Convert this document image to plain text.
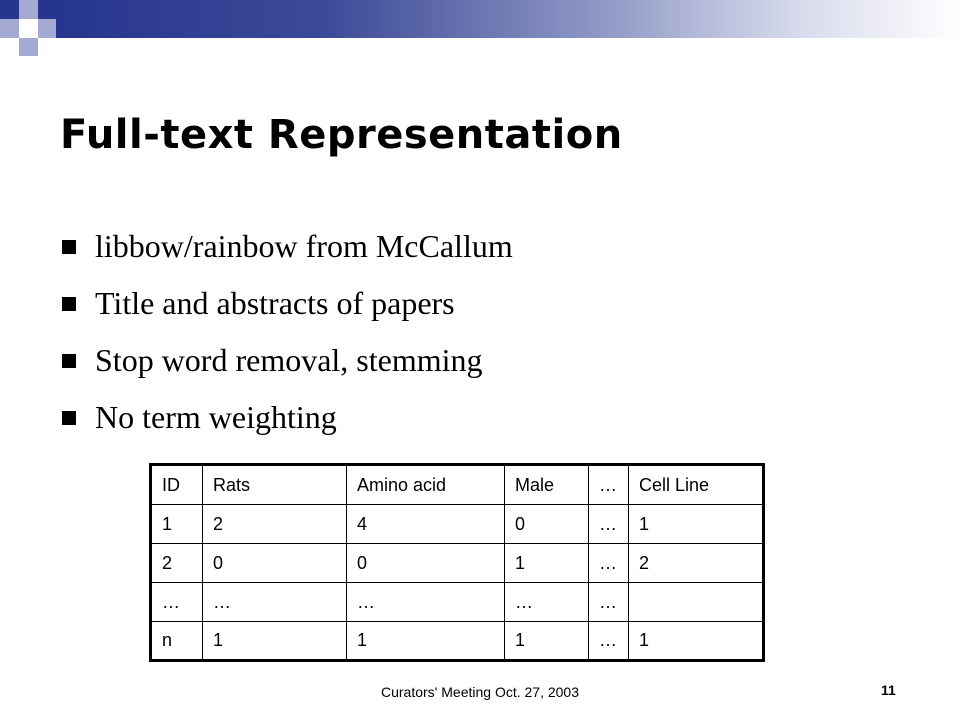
Full-text Representation
libbow/rainbow from McCallum
Title and abstracts of papers
Stop word removal, stemming
No term weighting
ID	Rats	Amino acid	Male	…	Cell Line
1	2	4	0	…	1
2	0	0	1	…	2
…	…	…	…	…	
n	1	1	1	…	1
Curators' Meeting Oct. 27, 2003	11
